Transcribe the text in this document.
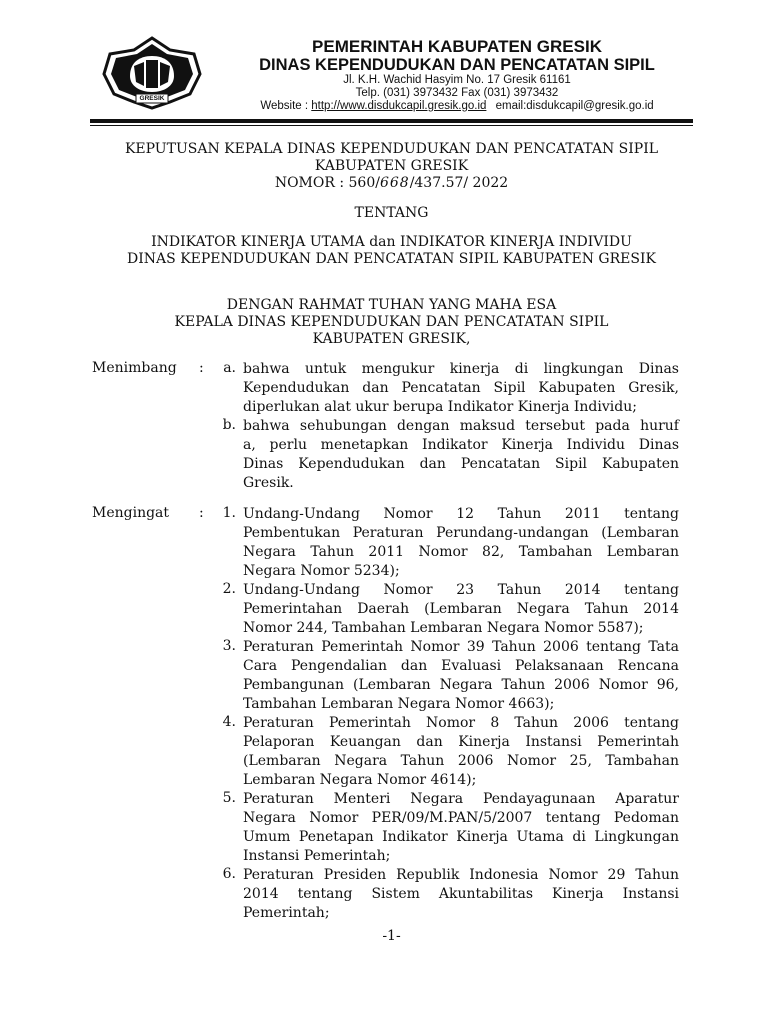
GRESIK
PEMERINTAH KABUPATEN GRESIK
DINAS KEPENDUDUKAN DAN PENCATATAN SIPIL
Jl. K.H. Wachid Hasyim No. 17 Gresik 61161
Telp. (031) 3973432 Fax (031) 3973432
Website : http://www.disdukcapil.gresik.go.id email:disdukcapil@gresik.go.id
KEPUTUSAN KEPALA DINAS KEPENDUDUKAN DAN PENCATATAN SIPIL
KABUPATEN GRESIK
NOMOR : 560/668/437.57/ 2022
TENTANG
INDIKATOR KINERJA UTAMA dan INDIKATOR KINERJA INDIVIDU
DINAS KEPENDUDUKAN DAN PENCATATAN SIPIL KABUPATEN GRESIK
DENGAN RAHMAT TUHAN YANG MAHA ESA
KEPALA DINAS KEPENDUDUKAN DAN PENCATATAN SIPIL
KABUPATEN GRESIK,
Menimbang :	a. bahwa untuk mengukur kinerja di lingkungan Dinas
Kependudukan dan Pencatatan Sipil Kabupaten Gresik,
diperlukan alat ukur berupa Indikator Kinerja Individu;
b. bahwa sehubungan dengan maksud tersebut pada huruf
a, perlu menetapkan Indikator Kinerja Individu Dinas
Dinas Kependudukan dan Pencatatan Sipil Kabupaten
Gresik.
Mengingat :	1. Undang-Undang Nomor 12 Tahun 2011 tentang
Pembentukan Peraturan Perundang-undangan (Lembaran
Negara Tahun 2011 Nomor 82, Tambahan Lembaran
Negara Nomor 5234);
2. Undang-Undang Nomor 23 Tahun 2014 tentang
Pemerintahan Daerah (Lembaran Negara Tahun 2014
Nomor 244, Tambahan Lembaran Negara Nomor 5587);
3. Peraturan Pemerintah Nomor 39 Tahun 2006 tentang Tata
Cara Pengendalian dan Evaluasi Pelaksanaan Rencana
Pembangunan (Lembaran Negara Tahun 2006 Nomor 96,
Tambahan Lembaran Negara Nomor 4663);
4. Peraturan Pemerintah Nomor 8 Tahun 2006 tentang
Pelaporan Keuangan dan Kinerja Instansi Pemerintah
(Lembaran Negara Tahun 2006 Nomor 25, Tambahan
Lembaran Negara Nomor 4614);
5. Peraturan Menteri Negara Pendayagunaan Aparatur
Negara Nomor PER/09/M.PAN/5/2007 tentang Pedoman
Umum Penetapan Indikator Kinerja Utama di Lingkungan
Instansi Pemerintah;
6. Peraturan Presiden Republik Indonesia Nomor 29 Tahun
2014 tentang Sistem Akuntabilitas Kinerja Instansi
Pemerintah;
-1-
